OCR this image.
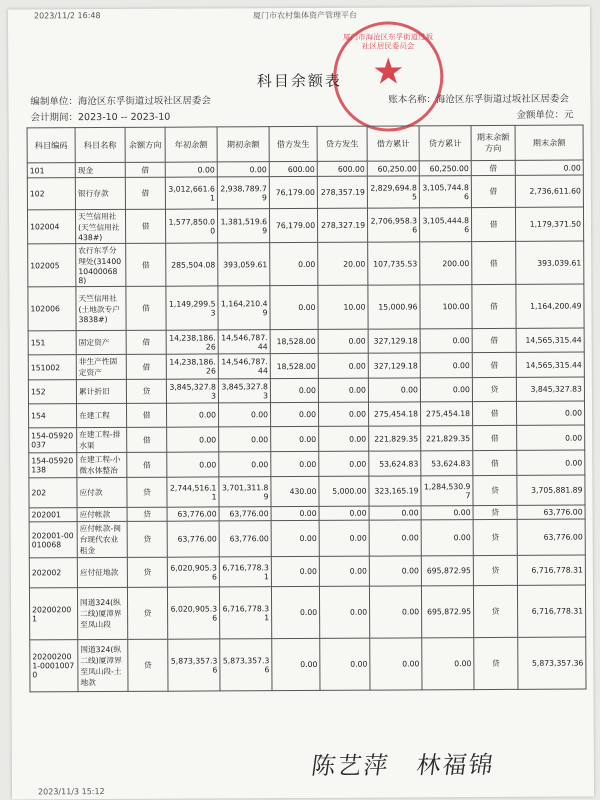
2023/11/2 16:48	厦门市农村集体资产管理平台
厦门市海沧区东孚街道过坂社区居民委员会
★
科目余额表
编制单位：海沧区东孚街道过坂社区居委会	账本名称：海沧区东孚街道过坂社区居委会
会计期间：2023-10 -- 2023-10	金额单位：元
科目编码	科目名称	余额方向	年初余额	期初余额	借方发生	贷方发生	借方累计	贷方累计	期末余额方向	期末余额
101	现金	借	0.00	0.00	600.00	600.00	60,250.00	60,250.00	借	0.00
102	银行存款	借	3,012,661.61	2,938,789.79	76,179.00	278,357.19	2,829,694.85	3,105,744.86	借	2,736,611.60
102004	天竺信用社(天竺信用社438#)	借	1,577,850.00	1,381,519.69	76,179.00	278,327.19	2,706,958.36	3,105,444.86	借	1,179,371.50
102005	农行东孚分理处(31400104000688)	借	285,504.08	393,059.61	0.00	20.00	107,735.53	200.00	借	393,039.61
102006	天竺信用社(土地款专户3838#)	借	1,149,299.53	1,164,210.49	0.00	10.00	15,000.96	100.00	借	1,164,200.49
151	固定资产	借	14,238,186.26	14,546,787.44	18,528.00	0.00	327,129.18	0.00	借	14,565,315.44
151002	非生产性固定资产	借	14,238,186.26	14,546,787.44	18,528.00	0.00	327,129.18	0.00	借	14,565,315.44
152	累计折旧	贷	3,845,327.83	3,845,327.83	0.00	0.00	0.00	0.00	贷	3,845,327.83
154	在建工程	借	0.00	0.00	0.00	0.00	275,454.18	275,454.18	借	0.00
154-05920037	在建工程-排水渠	借	0.00	0.00	0.00	0.00	221,829.35	221,829.35	借	0.00
154-05920138	在建工程-小微水体整治	借	0.00	0.00	0.00	0.00	53,624.83	53,624.83	借	0.00
202	应付款	贷	2,744,516.11	3,701,311.89	430.00	5,000.00	323,165.19	1,284,530.97	贷	3,705,881.89
202001	应付帐款	贷	63,776.00	63,776.00	0.00	0.00	0.00	0.00	贷	63,776.00
202001-00010068	应付帐款-闽台现代农业租金	贷	63,776.00	63,776.00	0.00	0.00	0.00	0.00	贷	63,776.00
202002	应付征地款	贷	6,020,905.36	6,716,778.31	0.00	0.00	0.00	695,872.95	贷	6,716,778.31
202002001	国道324(纵二线)厦漳界至凤山段	贷	6,020,905.36	6,716,778.31	0.00	0.00	0.00	695,872.95	贷	6,716,778.31
202002001-00010070	国道324(纵二线)厦漳界至凤山段-土地款	贷	5,873,357.36	5,873,357.36	0.00	0.00	0.00	0.00	贷	5,873,357.36
陈艺萍 林福锦
2023/11/3 15:12
